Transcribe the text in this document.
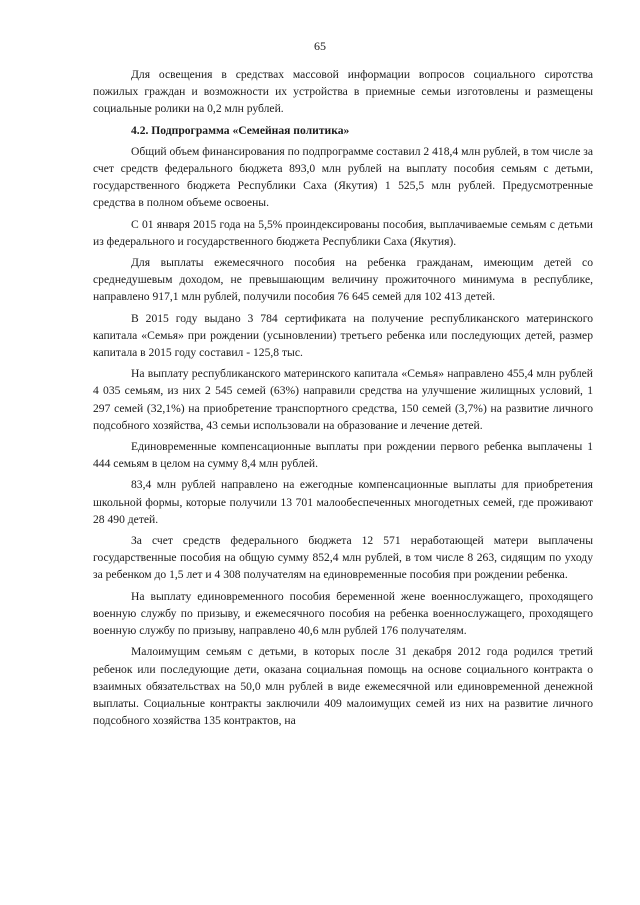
65

Для освещения в средствах массовой информации вопросов социального сиротства пожилых граждан и возможности их устройства в приемные семьи изготовлены и размещены социальные ролики на 0,2 млн рублей.

4.2. Подпрограмма «Семейная политика»

Общий объем финансирования по подпрограмме составил 2 418,4 млн рублей, в том числе за счет средств федерального бюджета 893,0 млн рублей на выплату пособия семьям с детьми, государственного бюджета Республики Саха (Якутия) 1 525,5 млн рублей. Предусмотренные средства в полном объеме освоены.

С 01 января 2015 года на 5,5% проиндексированы пособия, выплачиваемые семьям с детьми из федерального и государственного бюджета Республики Саха (Якутия).

Для выплаты ежемесячного пособия на ребенка гражданам, имеющим детей со среднедушевым доходом, не превышающим величину прожиточного минимума в республике, направлено 917,1 млн рублей, получили пособия 76 645 семей для 102 413 детей.

В 2015 году выдано 3 784 сертификата на получение республиканского материнского капитала «Семья» при рождении (усыновлении) третьего ребенка или последующих детей, размер капитала в 2015 году составил - 125,8 тыс.

На выплату республиканского материнского капитала «Семья» направлено 455,4 млн рублей 4 035 семьям, из них 2 545 семей (63%) направили средства на улучшение жилищных условий, 1 297 семей (32,1%) на приобретение транспортного средства, 150 семей (3,7%) на развитие личного подсобного хозяйства, 43 семьи использовали на образование и лечение детей.

Единовременные компенсационные выплаты при рождении первого ребенка выплачены 1 444 семьям в целом на сумму 8,4 млн рублей.

83,4 млн рублей направлено на ежегодные компенсационные выплаты для приобретения школьной формы, которые получили 13 701 малообеспеченных многодетных семей, где проживают 28 490 детей.

За счет средств федерального бюджета 12 571 неработающей матери выплачены государственные пособия на общую сумму 852,4 млн рублей, в том числе 8 263, сидящим по уходу за ребенком до 1,5 лет и 4 308 получателям на единовременные пособия при рождении ребенка.

На выплату единовременного пособия беременной жене военнослужащего, проходящего военную службу по призыву, и ежемесячного пособия на ребенка военнослужащего, проходящего военную службу по призыву, направлено 40,6 млн рублей 176 получателям.

Малоимущим семьям с детьми, в которых после 31 декабря 2012 года родился третий ребенок или последующие дети, оказана социальная помощь на основе социального контракта о взаимных обязательствах на 50,0 млн рублей в виде ежемесячной или единовременной денежной выплаты. Социальные контракты заключили 409 малоимущих семей из них на развитие личного подсобного хозяйства 135 контрактов, на
